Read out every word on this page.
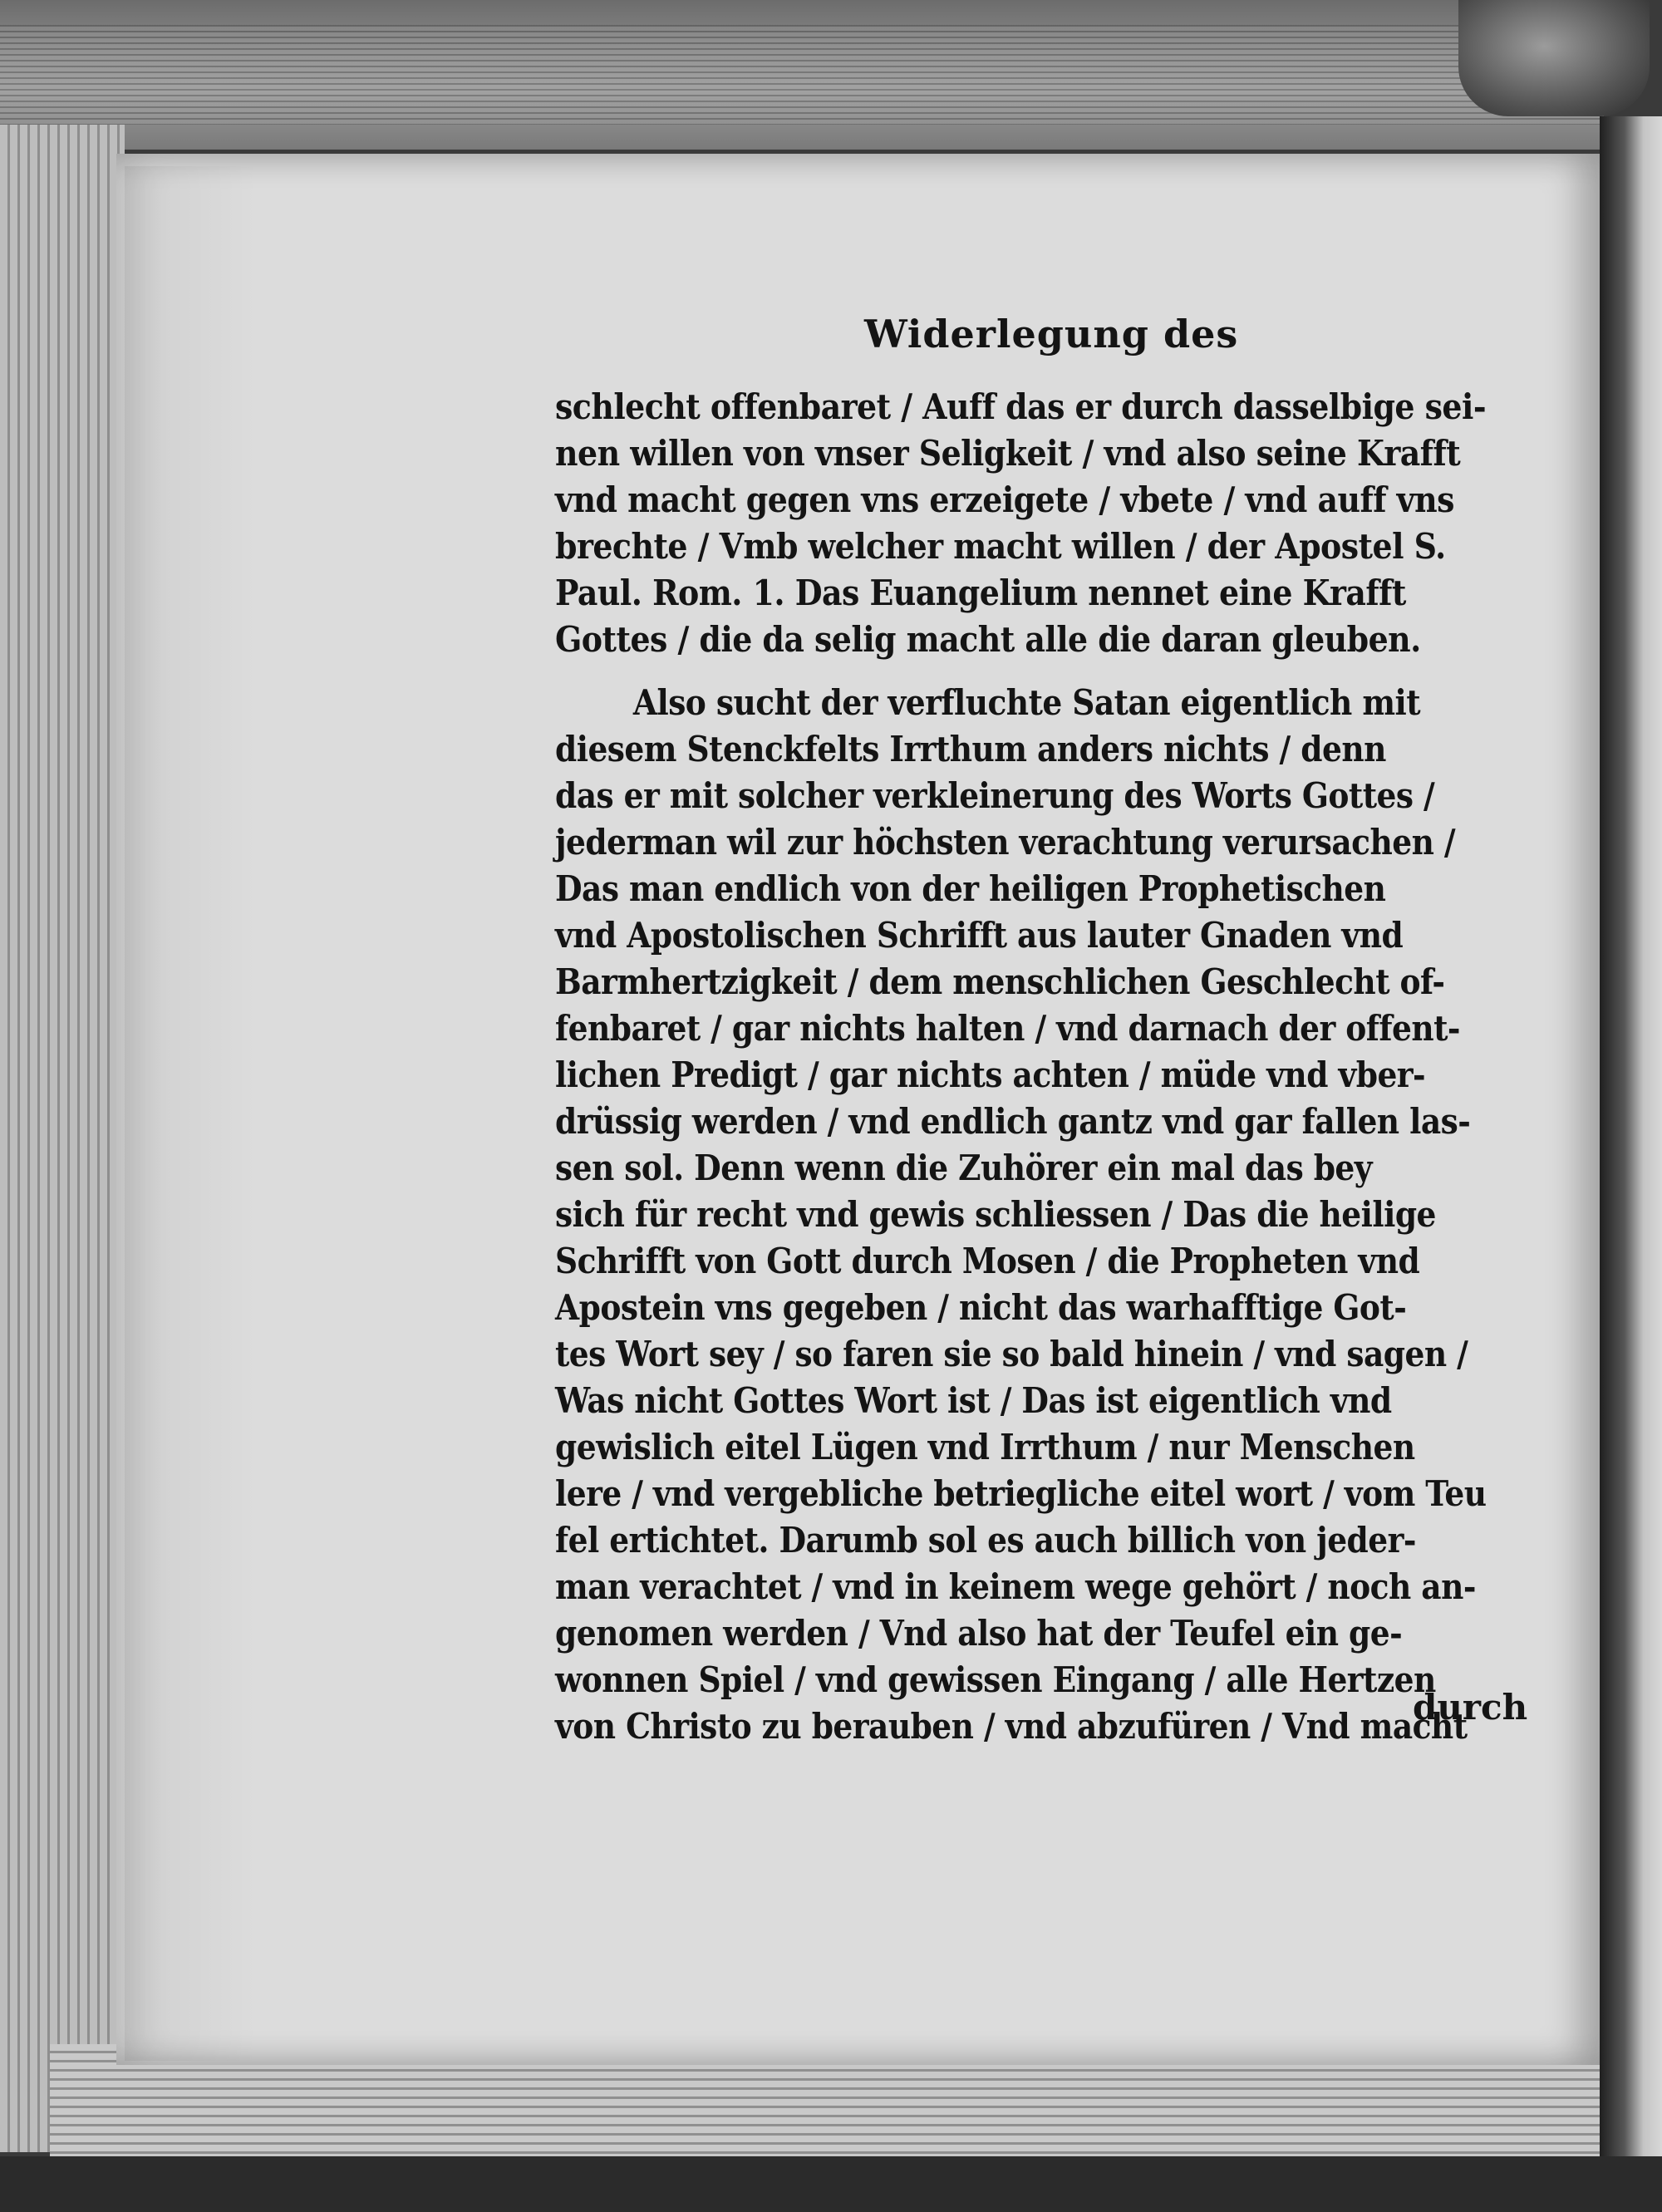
Widerlegung des
schlecht offenbaret / Auff das er durch dasselbige sei-
nen willen von vnser Seligkeit / vnd also seine Krafft
vnd macht gegen vns erzeigete / vbete / vnd auff vns
brechte / Vmb welcher macht willen / der Apostel S.
Paul. Rom. 1. Das Euangelium nennet eine Krafft
Gottes / die da selig macht alle die daran gleuben.
Also sucht der verfluchte Satan eigentlich mit
diesem Stenckfelts Irrthum anders nichts / denn
das er mit solcher verkleinerung des Worts Gottes /
jederman wil zur höchsten verachtung verursachen /
Das man endlich von der heiligen Prophetischen
vnd Apostolischen Schrifft aus lauter Gnaden vnd
Barmhertzigkeit / dem menschlichen Geschlecht of-
fenbaret / gar nichts halten / vnd darnach der offent-
lichen Predigt / gar nichts achten / müde vnd vber-
drüssig werden / vnd endlich gantz vnd gar fallen las-
sen sol. Denn wenn die Zuhörer ein mal das bey
sich für recht vnd gewis schliessen / Das die heilige
Schrifft von Gott durch Mosen / die Propheten vnd
Apostein vns gegeben / nicht das warhafftige Got-
tes Wort sey / so faren sie so bald hinein / vnd sagen /
Was nicht Gottes Wort ist / Das ist eigentlich vnd
gewislich eitel Lügen vnd Irrthum / nur Menschen
lere / vnd vergebliche betriegliche eitel wort / vom Teu
fel ertichtet. Darumb sol es auch billich von jeder-
man verachtet / vnd in keinem wege gehört / noch an-
genomen werden / Vnd also hat der Teufel ein ge-
wonnen Spiel / vnd gewissen Eingang / alle Hertzen
von Christo zu berauben / vnd abzufüren / Vnd macht
durch
